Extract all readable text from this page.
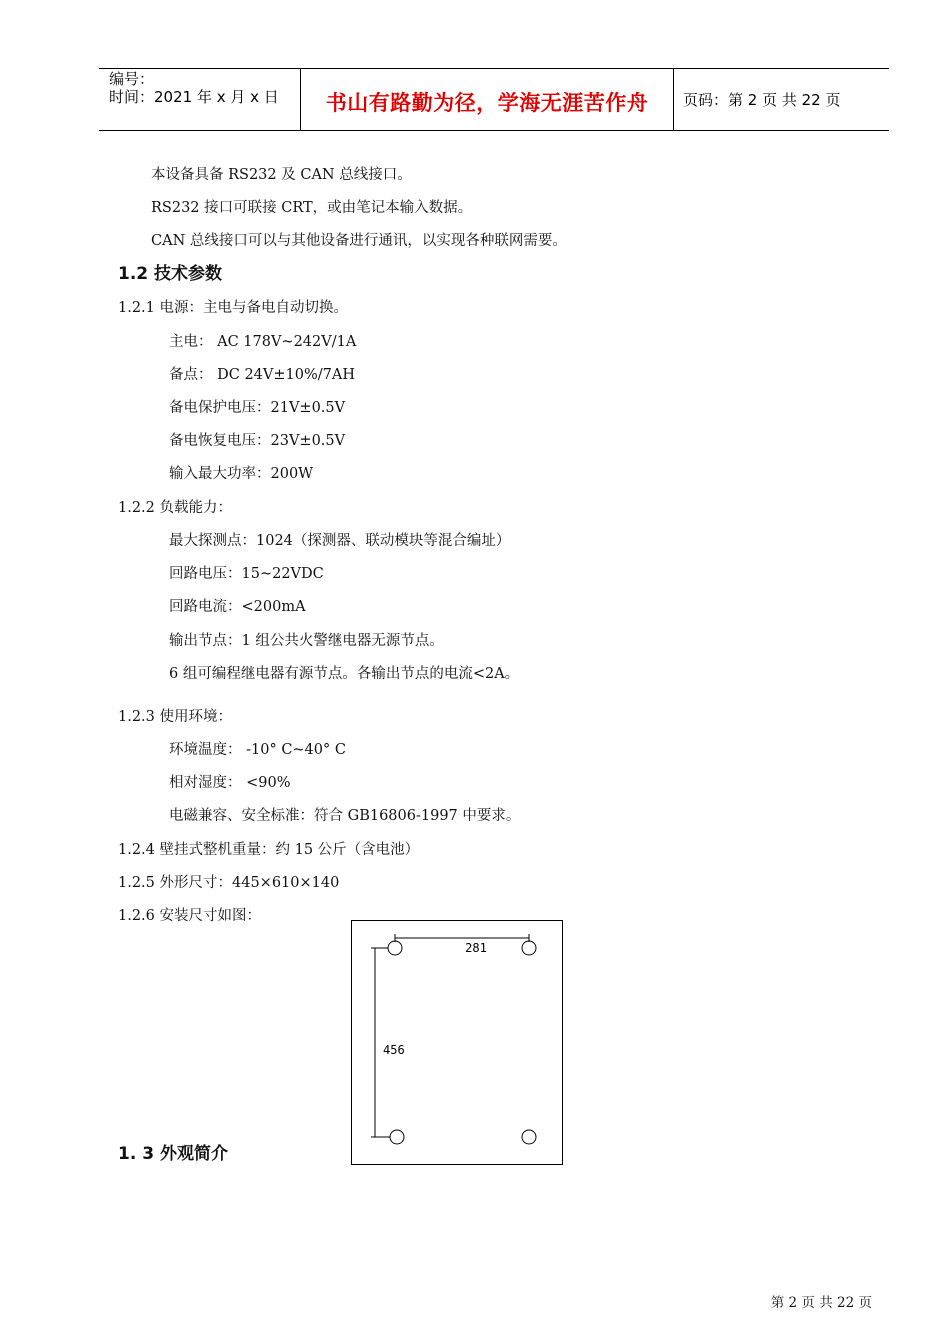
编号：
时间：2021 年 x 月 x 日	书山有路勤为径，学海无涯苦作舟	页码：第 2 页 共 22 页
本设备具备 RS232 及 CAN 总线接口。
RS232 接口可联接 CRT，或由笔记本输入数据。
CAN 总线接口可以与其他设备进行通讯，以实现各种联网需要。
1.2 技术参数
1.2.1 电源：主电与备电自动切换。
主电： AC 178V~242V/1A
备点： DC 24V±10%/7AH
备电保护电压：21V±0.5V
备电恢复电压：23V±0.5V
输入最大功率：200W
1.2.2 负载能力：
最大探测点：1024（探测器、联动模块等混合编址）
回路电压：15~22VDC
回路电流：<200mA
输出节点：1 组公共火警继电器无源节点。
6 组可编程继电器有源节点。各输出节点的电流<2A。
1.2.3 使用环境：
环境温度： -10° C~40° C
相对湿度： <90%
电磁兼容、安全标准：符合 GB16806-1997 中要求。
1.2.4 壁挂式整机重量：约 15 公斤（含电池）
1.2.5 外形尺寸：445×610×140
1.2.6 安装尺寸如图：
281
456
1. 3 外观简介
第 2 页 共 22 页
